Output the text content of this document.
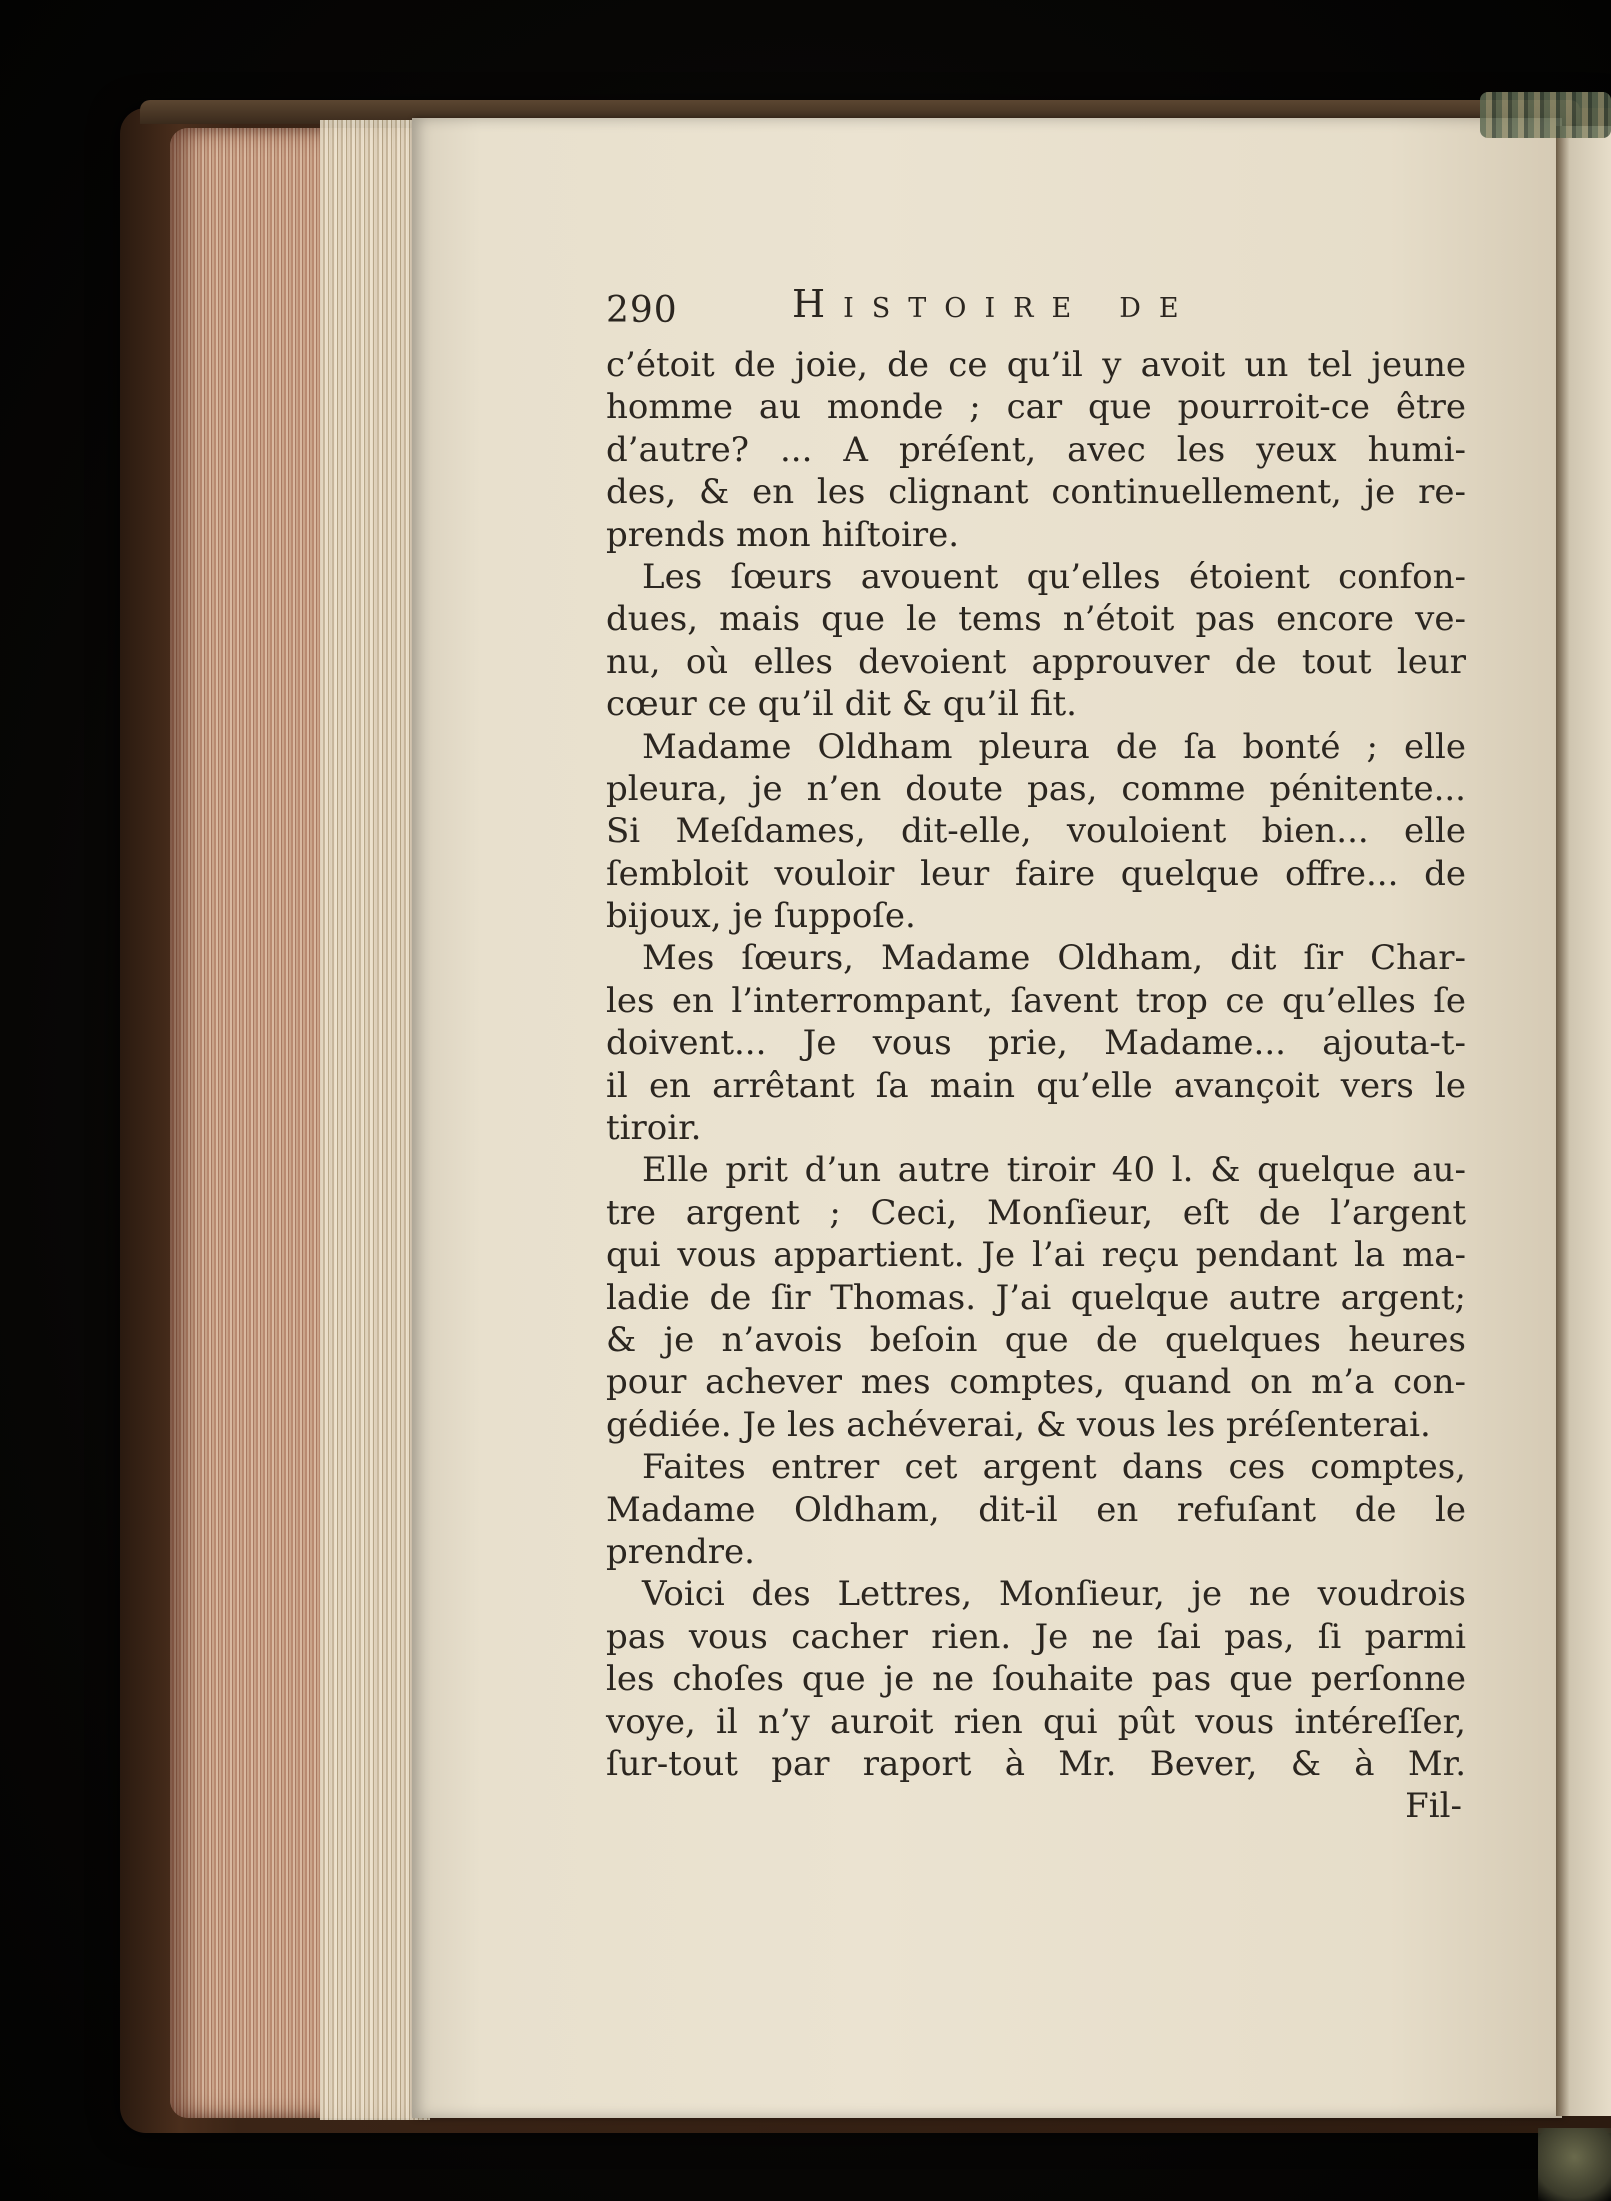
290	Histoire de
c’étoit de joie, de ce qu’il y avoit un tel jeune
homme au monde ; car que pourroit-ce être
d’autre? ... A préſent, avec les yeux humi-
des, & en les clignant continuellement, je re-
prends mon hiſtoire.
Les ſœurs avouent qu’elles étoient confon-
dues, mais que le tems n’étoit pas encore ve-
nu, où elles devoient approuver de tout leur
cœur ce qu’il dit & qu’il fit.
Madame Oldham pleura de ſa bonté ; elle
pleura, je n’en doute pas, comme pénitente...
Si Meſdames, dit-elle, vouloient bien... elle
ſembloit vouloir leur faire quelque offre... de
bijoux, je ſuppoſe.
Mes ſœurs, Madame Oldham, dit ſir Char-
les en l’interrompant, ſavent trop ce qu’elles ſe
doivent... Je vous prie, Madame... ajouta-t-
il en arrêtant ſa main qu’elle avançoit vers le
tiroir.
Elle prit d’un autre tiroir 40 l. & quelque au-
tre argent ; Ceci, Monſieur, eſt de l’argent
qui vous appartient. Je l’ai reçu pendant la ma-
ladie de ſir Thomas. J’ai quelque autre argent;
& je n’avois beſoin que de quelques heures
pour achever mes comptes, quand on m’a con-
gédiée. Je les achéverai, & vous les préſenterai.
Faites entrer cet argent dans ces comptes,
Madame Oldham, dit-il en refuſant de le
prendre.
Voici des Lettres, Monſieur, je ne voudrois
pas vous cacher rien. Je ne ſai pas, ſi parmi
les choſes que je ne ſouhaite pas que perſonne
voye, il n’y auroit rien qui pût vous intéreſſer,
ſur-tout par raport à Mr. Bever, & à Mr.
Fil-
